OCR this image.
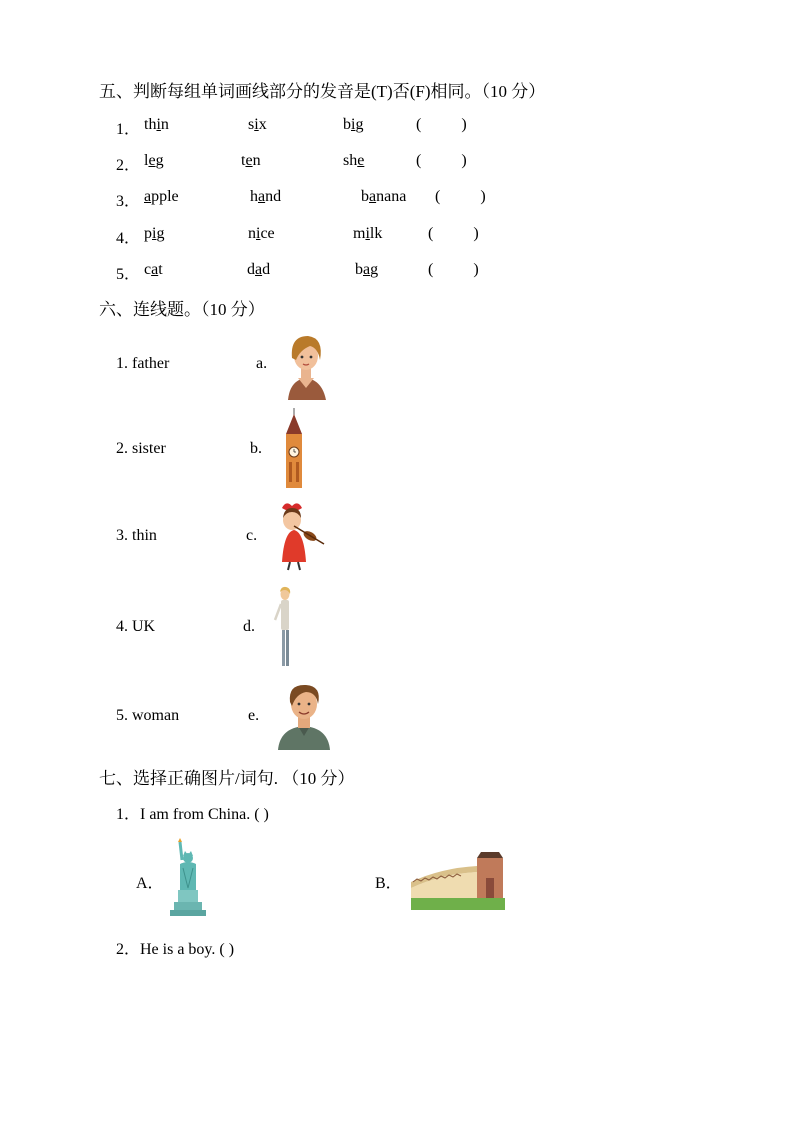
五、判断每组单词画线部分的发音是(T)否(F)相同。（10 分）
1． thin	six	big	(          )
2． leg	ten	she	(          )
3． apple	hand	banana (          )
4． pig	nice	milk	(          )
5． cat	dad	bag	(          )
六、连线题。（10 分）
1. father	a.
2. sister	b.
3. thin	c.
4. UK	d.
5. woman	e.
七、选择正确图片/词句. （10 分）
1．I am from China. ( )
A．	B．
2．He is a boy. ( )
